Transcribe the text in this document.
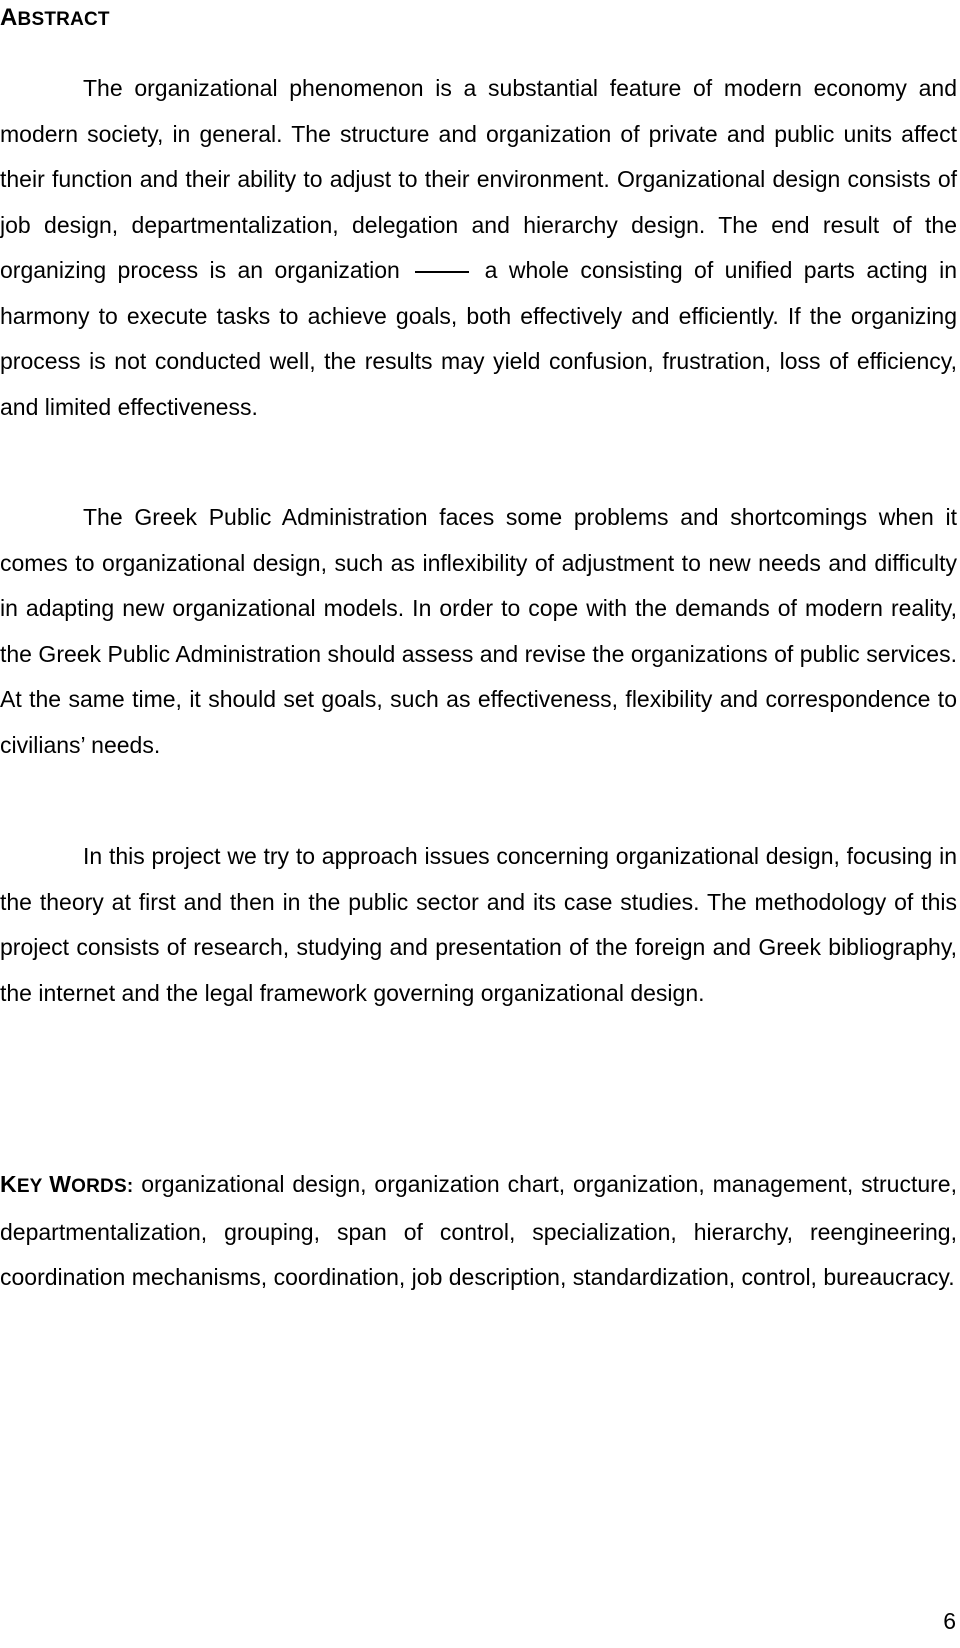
ABSTRACT

The organizational phenomenon is a substantial feature of modern economy and modern society, in general. The structure and organization of private and public units affect their function and their ability to adjust to their environment. Organizational design consists of job design, departmentalization, delegation and hierarchy design. The end result of the organizing process is an organization	a whole consisting of unified parts acting in harmony to execute tasks to achieve goals, both effectively and efficiently. If the organizing process is not conducted well, the results may yield confusion, frustration, loss of efficiency, and limited effectiveness.

The Greek Public Administration faces some problems and shortcomings when it comes to organizational design, such as inflexibility of adjustment to new needs and difficulty in adapting new organizational models. In order to cope with the demands of modern reality, the Greek Public Administration should assess and revise the organizations of public services. At the same time, it should set goals, such as effectiveness, flexibility and correspondence to civilians’ needs.

In this project we try to approach issues concerning organizational design, focusing in the theory at first and then in the public sector and its case studies. The methodology of this project consists of research, studying and presentation of the foreign and Greek bibliography, the internet and the legal framework governing organizational design.

KEY WORDS: organizational design, organization chart, organization, management, structure, departmentalization, grouping, span of control, specialization, hierarchy, reengineering, coordination mechanisms, coordination, job description, standardization, control, bureaucracy.

6
